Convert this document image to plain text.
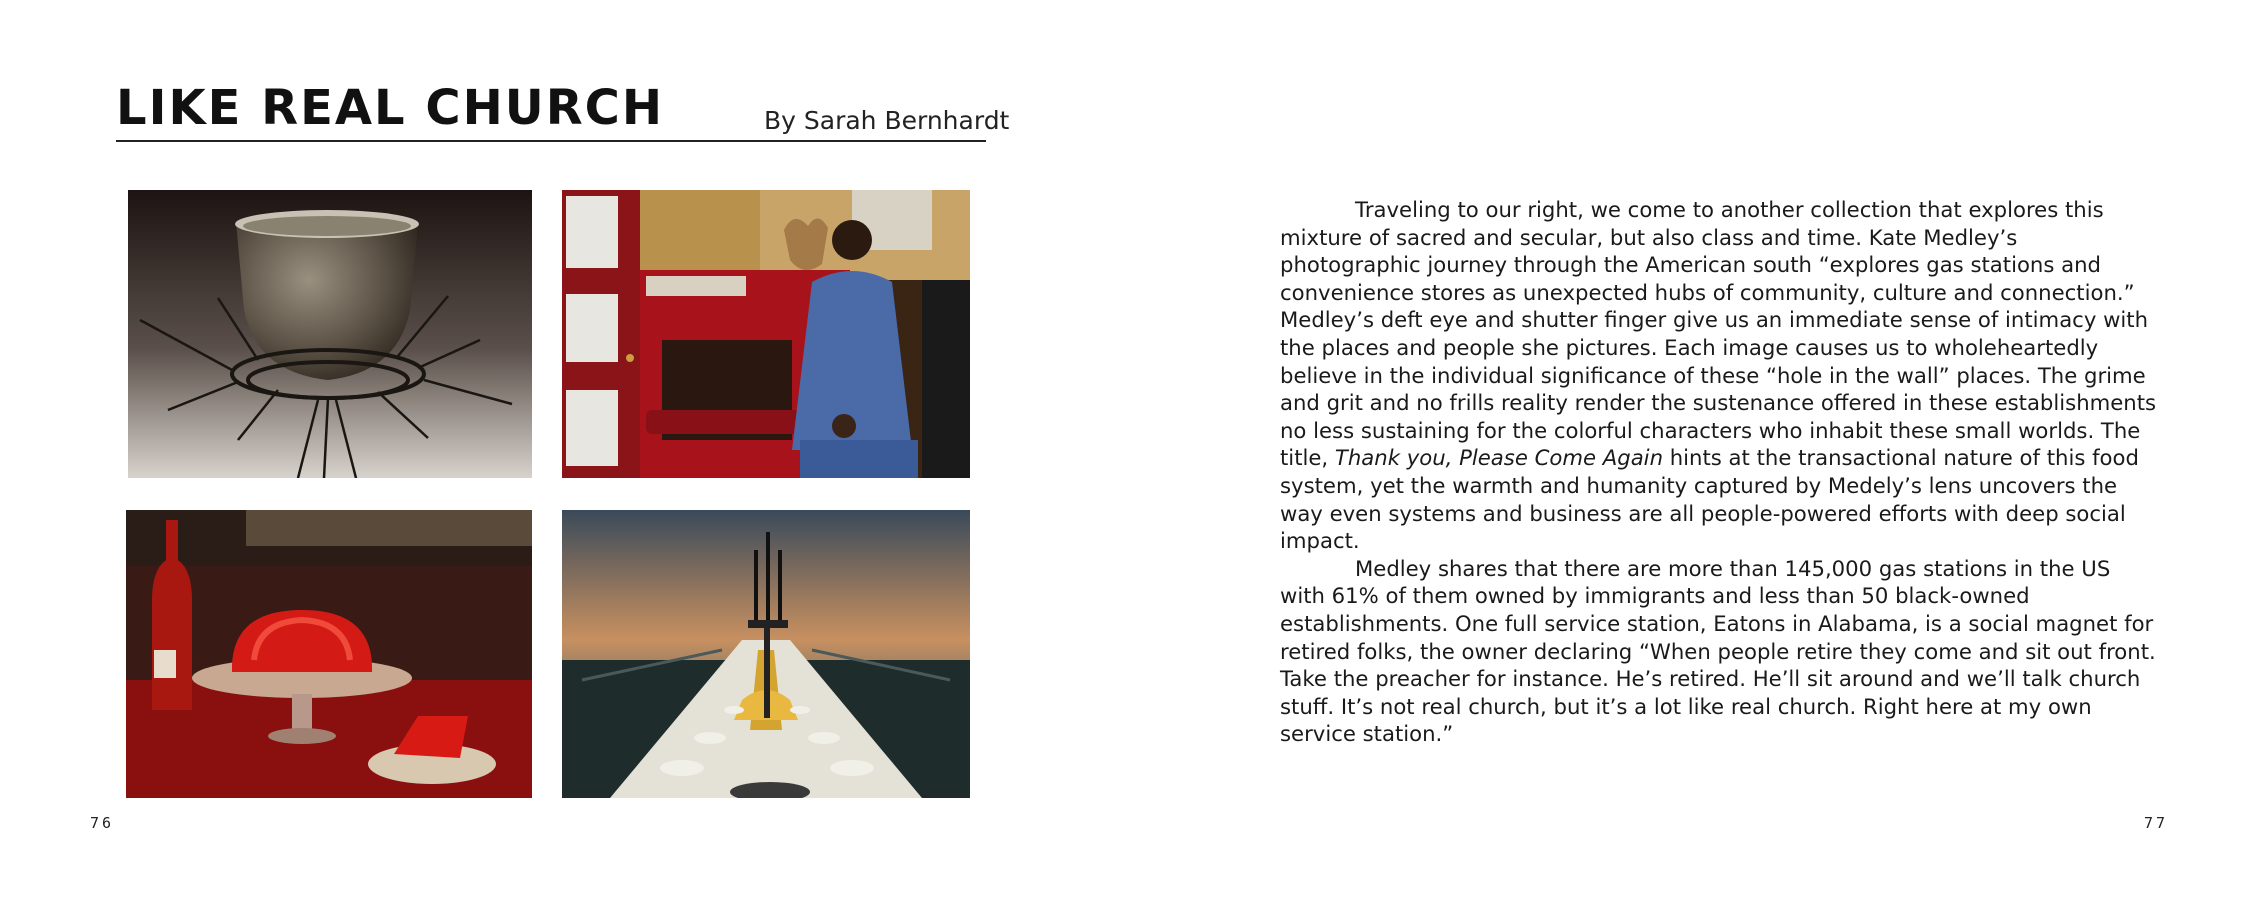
LIKE REAL CHURCH	By Sarah Bernhardt
76

Traveling to our right, we come to another collection that explores this mixture of sacred and secular, but also class and time. Kate Medley’s photographic journey through the American south “explores gas stations and convenience stores as unexpected hubs of community, culture and connection.” Medley’s deft eye and shutter finger give us an immediate sense of intimacy with the places and people she pictures. Each image causes us to wholeheartedly believe in the individual significance of these “hole in the wall” places. The grime and grit and no frills reality render the sustenance offered in these establishments no less sustaining for the colorful characters who inhabit these small worlds. The title, Thank you, Please Come Again hints at the transactional nature of this food system, yet the warmth and humanity captured by Medely’s lens uncovers the way even systems and business are all people-powered efforts with deep social impact.

Medley shares that there are more than 145,000 gas stations in the US with 61% of them owned by immigrants and less than 50 black-owned establishments. One full service station, Eatons in Alabama, is a social magnet for retired folks, the owner declaring “When people retire they come and sit out front. Take the preacher for instance. He’s retired. He’ll sit around and we’ll talk church stuff. It’s not real church, but it’s a lot like real church. Right here at my own service station.”

77
